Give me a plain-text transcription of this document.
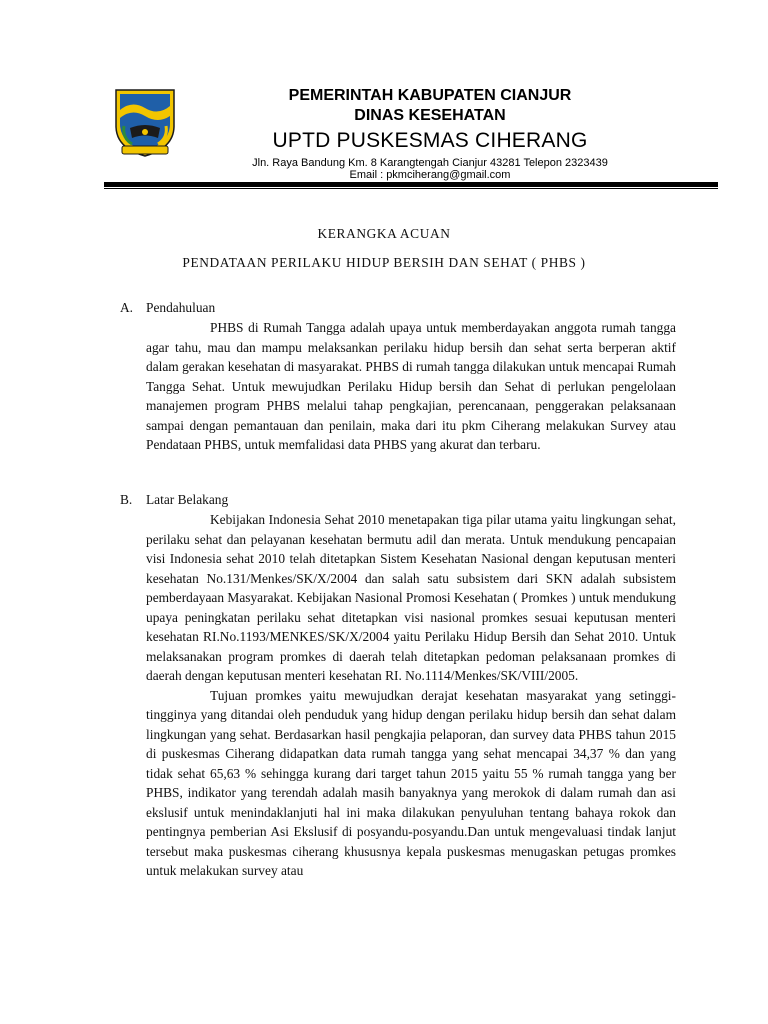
PEMERINTAH KABUPATEN CIANJUR
DINAS KESEHATAN
UPTD PUSKESMAS CIHERANG
Jln. Raya Bandung Km. 8 Karangtengah Cianjur 43281 Telepon 2323439
Email : pkmciherang@gmail.com
KERANGKA ACUAN
PENDATAAN PERILAKU HIDUP BERSIH DAN SEHAT ( PHBS )
A. Pendahuluan

PHBS di Rumah Tangga adalah upaya untuk memberdayakan anggota rumah tangga agar tahu, mau dan mampu melaksankan perilaku hidup bersih dan sehat serta berperan aktif dalam gerakan kesehatan di masyarakat. PHBS di rumah tangga dilakukan untuk mencapai Rumah Tangga Sehat. Untuk mewujudkan Perilaku Hidup bersih dan Sehat di perlukan pengelolaan manajemen program PHBS melalui tahap pengkajian, perencanaan, penggerakan pelaksanaan sampai dengan pemantauan dan penilain, maka dari itu pkm Ciherang melakukan Survey atau Pendataan PHBS, untuk memfalidasi data PHBS yang akurat dan terbaru.

B. Latar Belakang

Kebijakan Indonesia Sehat 2010 menetapakan tiga pilar utama yaitu lingkungan sehat, perilaku sehat dan pelayanan kesehatan bermutu adil dan merata. Untuk mendukung pencapaian visi Indonesia sehat 2010 telah ditetapkan Sistem Kesehatan Nasional dengan keputusan menteri kesehatan No.131/Menkes/SK/X/2004 dan salah satu subsistem dari SKN adalah subsistem pemberdayaan Masyarakat. Kebijakan Nasional Promosi Kesehatan ( Promkes ) untuk mendukung upaya peningkatan perilaku sehat ditetapkan visi nasional promkes sesuai keputusan menteri kesehatan RI.No.1193/MENKES/SK/X/2004 yaitu Perilaku Hidup Bersih dan Sehat 2010. Untuk melaksanakan program promkes di daerah telah ditetapkan pedoman pelaksanaan promkes di daerah dengan keputusan menteri kesehatan RI. No.1114/Menkes/SK/VIII/2005.

Tujuan promkes yaitu mewujudkan derajat kesehatan masyarakat yang setinggi-tingginya yang ditandai oleh penduduk yang hidup dengan perilaku hidup bersih dan sehat dalam lingkungan yang sehat. Berdasarkan hasil pengkajia pelaporan, dan survey data PHBS tahun 2015 di puskesmas Ciherang didapatkan data rumah tangga yang sehat mencapai 34,37 % dan yang tidak sehat 65,63 % sehingga kurang dari target tahun 2015 yaitu 55 % rumah tangga yang ber PHBS, indikator yang terendah adalah masih banyaknya yang merokok di dalam rumah dan asi ekslusif untuk menindaklanjuti hal ini maka dilakukan penyuluhan tentang bahaya rokok dan pentingnya pemberian Asi Ekslusif di posyandu-posyandu.Dan untuk mengevaluasi tindak lanjut tersebut maka puskesmas ciherang khususnya kepala puskesmas menugaskan petugas promkes untuk melakukan survey atau
